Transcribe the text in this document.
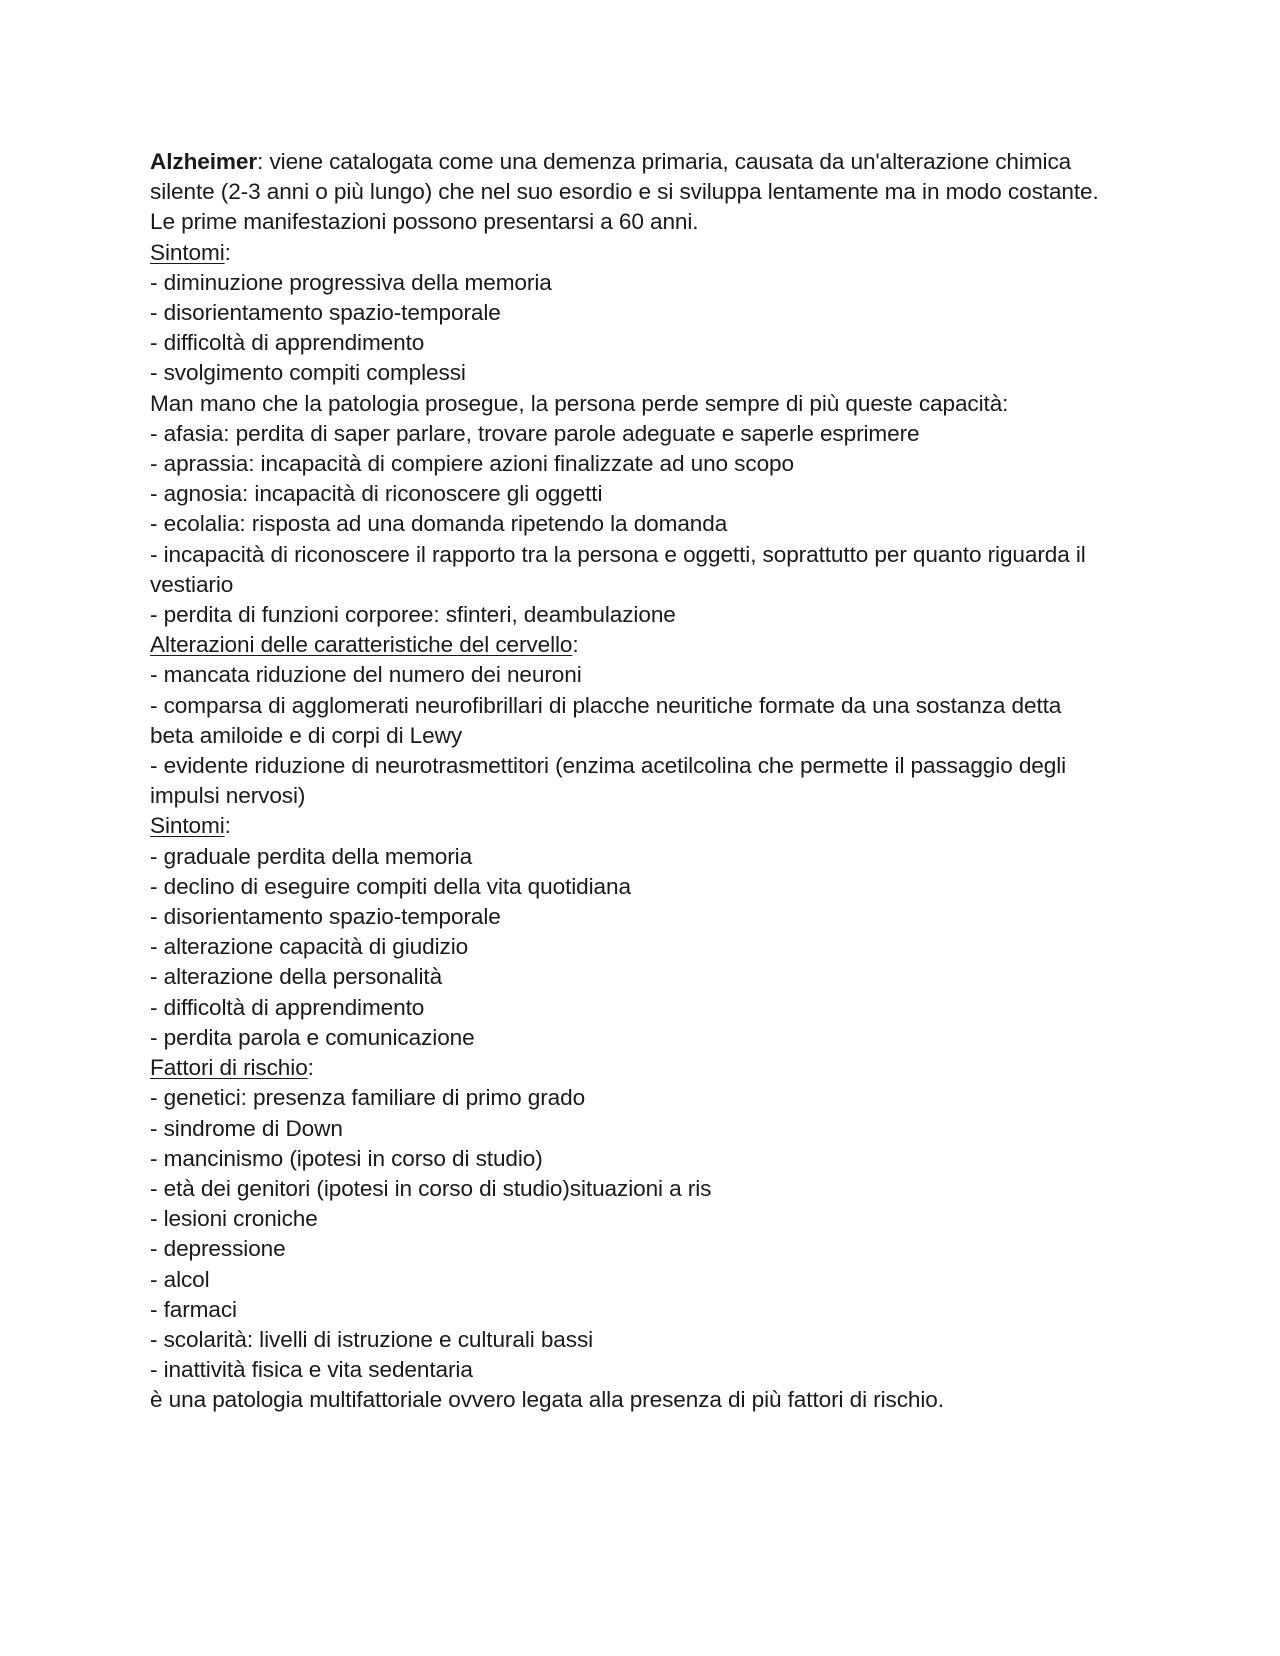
Alzheimer: viene catalogata come una demenza primaria, causata da un'alterazione chimica
silente (2-3 anni o più lungo) che nel suo esordio e si sviluppa lentamente ma in modo costante.
Le prime manifestazioni possono presentarsi a 60 anni.
Sintomi:
- diminuzione progressiva della memoria
- disorientamento spazio-temporale
- difficoltà di apprendimento
- svolgimento compiti complessi
Man mano che la patologia prosegue, la persona perde sempre di più queste capacità:
- afasia: perdita di saper parlare, trovare parole adeguate e saperle esprimere
- aprassia: incapacità di compiere azioni finalizzate ad uno scopo
- agnosia: incapacità di riconoscere gli oggetti
- ecolalia: risposta ad una domanda ripetendo la domanda
- incapacità di riconoscere il rapporto tra la persona e oggetti, soprattutto per quanto riguarda il
vestiario
- perdita di funzioni corporee: sfinteri, deambulazione
Alterazioni delle caratteristiche del cervello:
- mancata riduzione del numero dei neuroni
- comparsa di agglomerati neurofibrillari di placche neuritiche formate da una sostanza detta
beta amiloide e di corpi di Lewy
- evidente riduzione di neurotrasmettitori (enzima acetilcolina che permette il passaggio degli
impulsi nervosi)
Sintomi:
- graduale perdita della memoria
- declino di eseguire compiti della vita quotidiana
- disorientamento spazio-temporale
- alterazione capacità di giudizio
- alterazione della personalità
- difficoltà di apprendimento
- perdita parola e comunicazione
Fattori di rischio:
- genetici: presenza familiare di primo grado
- sindrome di Down
- mancinismo (ipotesi in corso di studio)
- età dei genitori (ipotesi in corso di studio)situazioni a ris
- lesioni croniche
- depressione
- alcol
- farmaci
- scolarità: livelli di istruzione e culturali bassi
- inattività fisica e vita sedentaria
è una patologia multifattoriale ovvero legata alla presenza di più fattori di rischio.
